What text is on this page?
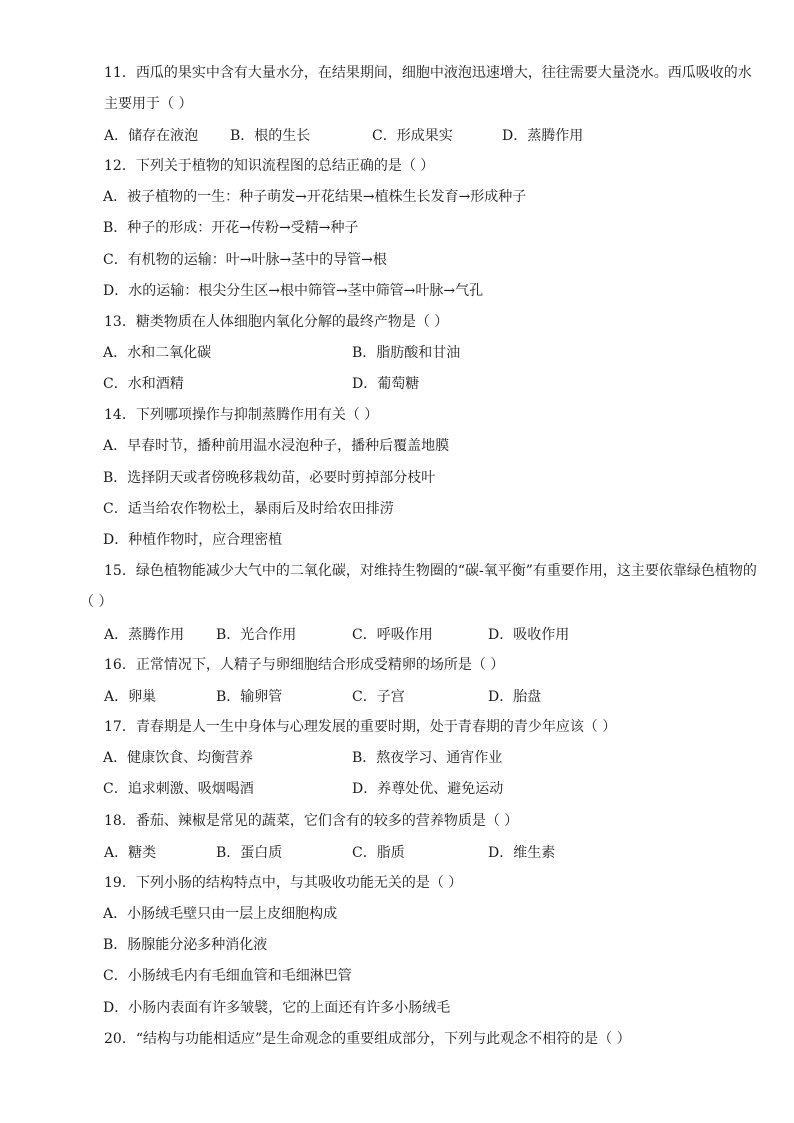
11．西瓜的果实中含有大量水分，在结果期间，细胞中液泡迅速增大，往往需要大量浇水。西瓜吸收的水
主要用于（ ）
A．储存在液泡 B．根的生长	C．形成果实	D．蒸腾作用
12．下列关于植物的知识流程图的总结正确的是（ ）
A．被子植物的一生：种子萌发→开花结果→植株生长发育→形成种子
B．种子的形成：开花→传粉→受精→种子
C．有机物的运输：叶→叶脉→茎中的导管→根
D．水的运输：根尖分生区→根中筛管→茎中筛管→叶脉→气孔
13．糖类物质在人体细胞内氧化分解的最终产物是（ ）
A．水和二氧化碳	B．脂肪酸和甘油
C．水和酒精	D．葡萄糖
14．下列哪项操作与抑制蒸腾作用有关（ ）
A．早春时节，播种前用温水浸泡种子，播种后覆盖地膜
B．选择阴天或者傍晚移栽幼苗，必要时剪掉部分枝叶
C．适当给农作物松土，暴雨后及时给农田排涝
D．种植作物时，应合理密植
15．绿色植物能减少大气中的二氧化碳，对维持生物圈的“碳-氧平衡”有重要作用，这主要依靠绿色植物的
（ ）
A．蒸腾作用 B．光合作用	C．呼吸作用	D．吸收作用
16．正常情况下，人精子与卵细胞结合形成受精卵的场所是（ ）
A．卵巢	B．输卵管	C．子宫	D．胎盘
17．青春期是人一生中身体与心理发展的重要时期，处于青春期的青少年应该（ ）
A．健康饮食、均衡营养	B．熬夜学习、通宵作业
C．追求刺激、吸烟喝酒	D．养尊处优、避免运动
18．番茄、辣椒是常见的蔬菜，它们含有的较多的营养物质是（ ）
A．糖类	B．蛋白质	C．脂质	D．维生素
19．下列小肠的结构特点中，与其吸收功能无关的是（ ）
A．小肠绒毛壁只由一层上皮细胞构成
B．肠腺能分泌多种消化液
C．小肠绒毛内有毛细血管和毛细淋巴管
D．小肠内表面有许多皱襞，它的上面还有许多小肠绒毛
20．“结构与功能相适应”是生命观念的重要组成部分，下列与此观念不相符的是（ ）
